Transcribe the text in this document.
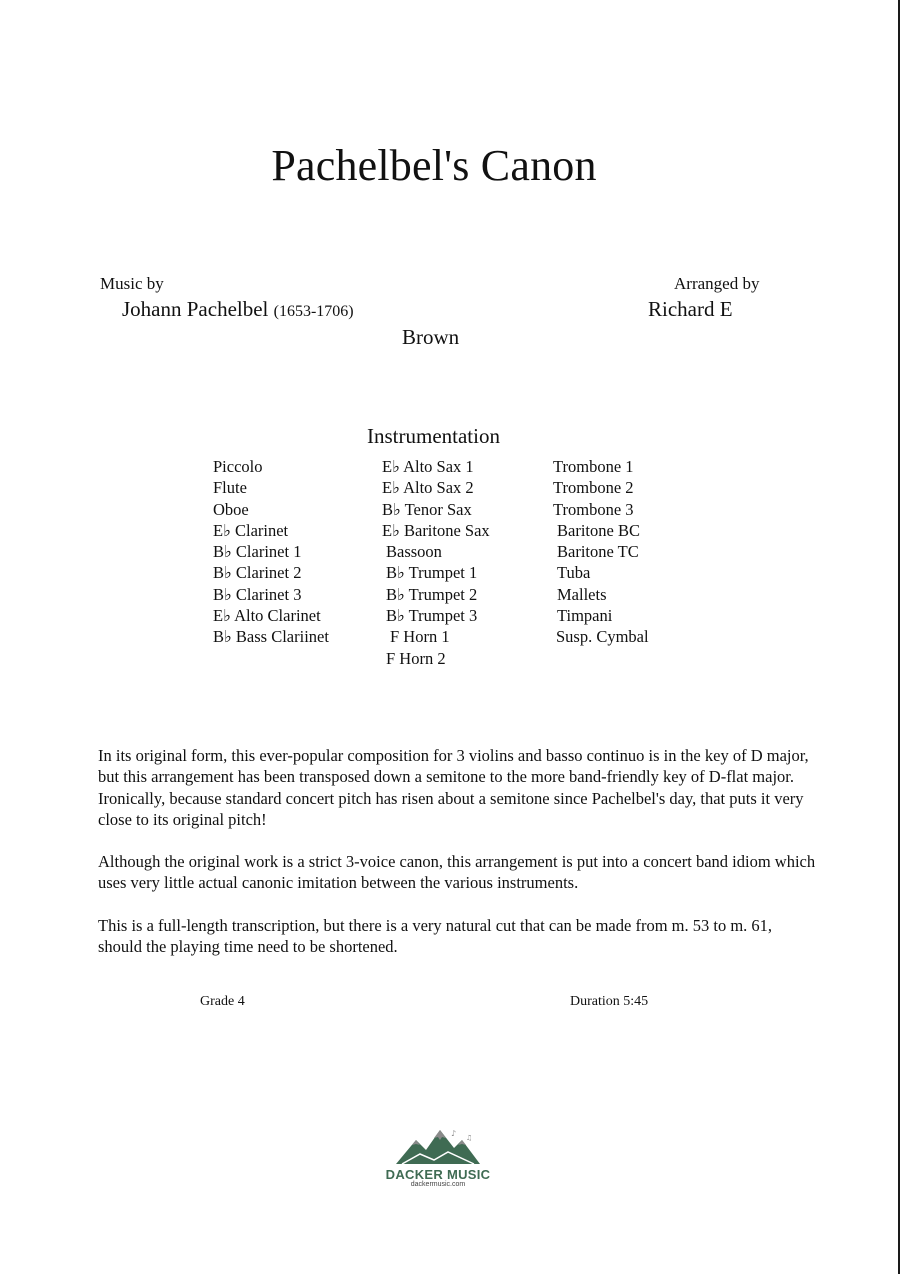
Pachelbel's Canon
Music by
Johann Pachelbel (1653-1706)
Arranged by
Richard E
Brown
Instrumentation
Piccolo
Flute
Oboe
E♭ Clarinet
B♭ Clarinet 1
B♭ Clarinet 2
B♭ Clarinet 3
E♭ Alto Clarinet
B♭ Bass Clariinet
E♭ Alto Sax 1
E♭ Alto Sax 2
B♭ Tenor Sax
E♭ Baritone Sax
Bassoon
B♭ Trumpet 1
B♭ Trumpet 2
B♭ Trumpet 3
F Horn 1
F Horn 2
Trombone 1
Trombone 2
Trombone 3
Baritone BC
Baritone TC
Tuba
Mallets
Timpani
Susp. Cymbal
In its original form, this ever-popular composition for 3 violins and basso continuo is in the key of D major, but this arrangement has been transposed down a semitone to the more band-friendly key of D-flat major. Ironically, because standard concert pitch has risen about a semitone since Pachelbel's day, that puts it very close to its original pitch!
Although the original work is a strict 3-voice canon, this arrangement is put into a concert band idiom which uses very little actual canonic imitation between the various instruments.
This is a full-length transcription, but there is a very natural cut that can be made from m. 53 to m. 61, should the playing time need to be shortened.
Grade 4	Duration 5:45
♪ ♫
DACKER MUSIC
dackermusic.com
